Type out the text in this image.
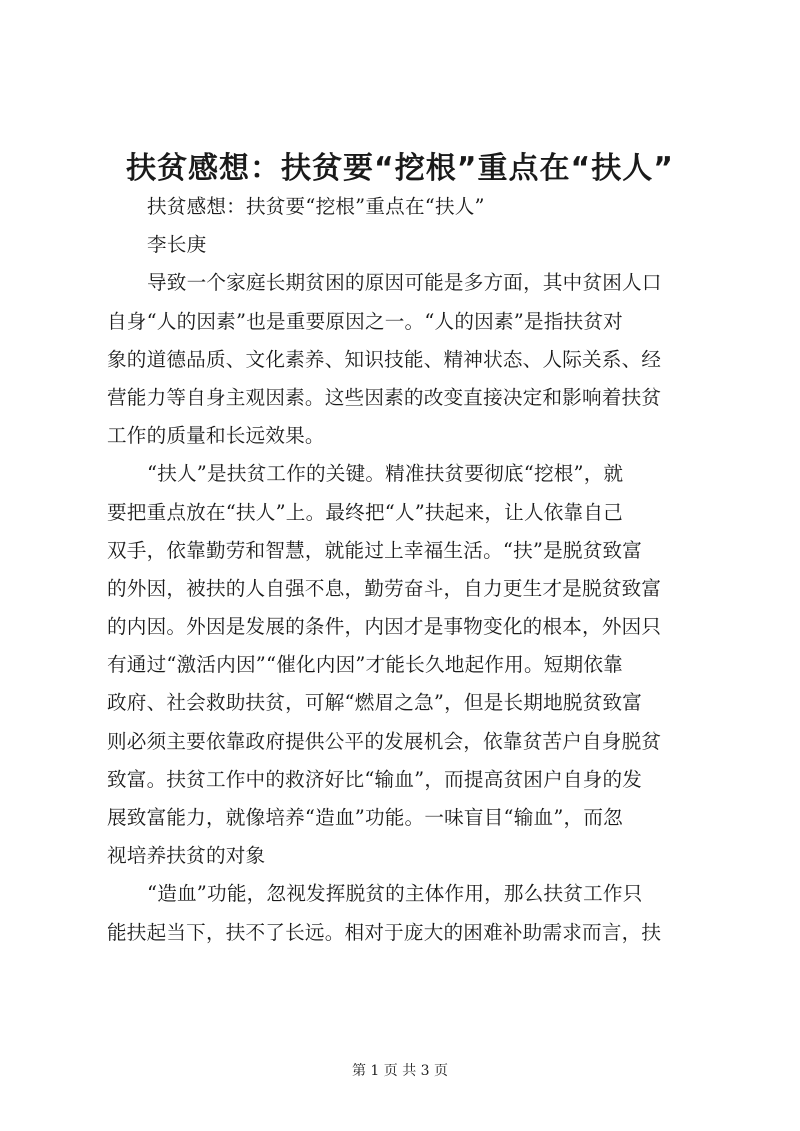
扶贫感想：扶贫要“挖根”重点在“扶人”

扶贫感想：扶贫要“挖根”重点在“扶人”

李长庚

导致一个家庭长期贫困的原因可能是多方面，其中贫困人口

自身“人的因素”也是重要原因之一。“人的因素”是指扶贫对

象的道德品质、文化素养、知识技能、精神状态、人际关系、经

营能力等自身主观因素。这些因素的改变直接决定和影响着扶贫

工作的质量和长远效果。

“扶人”是扶贫工作的关键。精准扶贫要彻底“挖根”，就

要把重点放在“扶人”上。最终把“人”扶起来，让人依靠自己

双手，依靠勤劳和智慧，就能过上幸福生活。“扶”是脱贫致富

的外因，被扶的人自强不息，勤劳奋斗，自力更生才是脱贫致富

的内因。外因是发展的条件，内因才是事物变化的根本，外因只

有通过“激活内因”“催化内因”才能长久地起作用。短期依靠

政府、社会救助扶贫，可解“燃眉之急”，但是长期地脱贫致富

则必须主要依靠政府提供公平的发展机会，依靠贫苦户自身脱贫

致富。扶贫工作中的救济好比“输血”，而提高贫困户自身的发

展致富能力，就像培养“造血”功能。一味盲目“输血”，而忽

视培养扶贫的对象

“造血”功能，忽视发挥脱贫的主体作用，那么扶贫工作只

能扶起当下，扶不了长远。相对于庞大的困难补助需求而言，扶

第 1 页 共 3 页
